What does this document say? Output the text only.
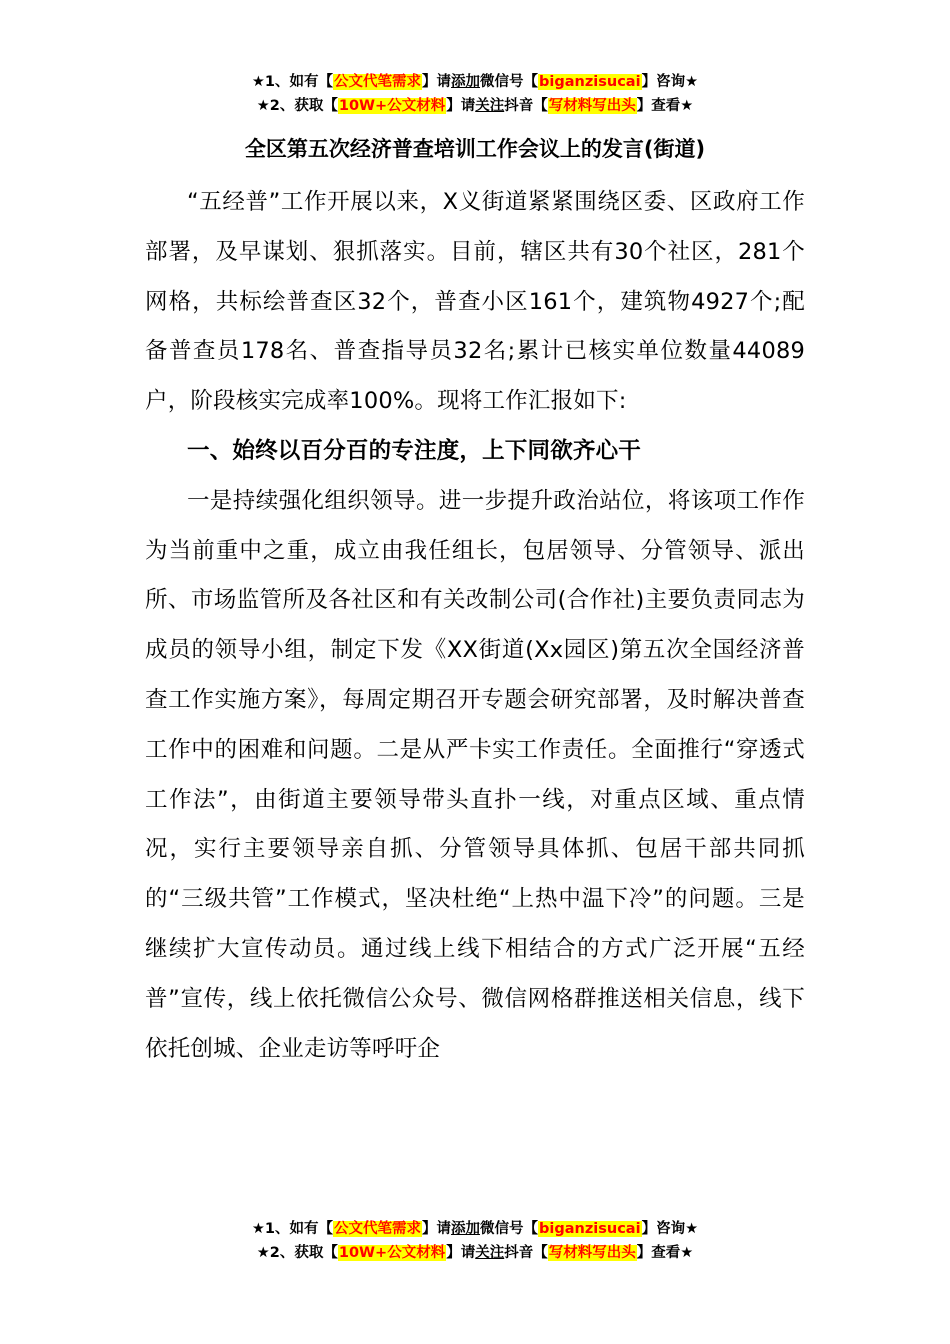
★1、如有【公文代笔需求】请添加微信号【biganzisucai】咨询★
★2、获取【10W+公文材料】请关注抖音【写材料写出头】查看★
全区第五次经济普查培训工作会议上的发言(街道)

“五经普”工作开展以来，X义街道紧紧围绕区委、区政府工作部署，及早谋划、狠抓落实。目前，辖区共有30个社区，281个网格，共标绘普查区32个，普查小区161个，建筑物4927个;配备普查员178名、普查指导员32名;累计已核实单位数量44089户，阶段核实完成率100%。现将工作汇报如下:

一、始终以百分百的专注度，上下同欲齐心干

一是持续强化组织领导。进一步提升政治站位，将该项工作作为当前重中之重，成立由我任组长，包居领导、分管领导、派出所、市场监管所及各社区和有关改制公司(合作社)主要负责同志为成员的领导小组，制定下发《XX街道(Xx园区)第五次全国经济普查工作实施方案》，每周定期召开专题会研究部署，及时解决普查工作中的困难和问题。二是从严卡实工作责任。全面推行“穿透式工作法”，由街道主要领导带头直扑一线，对重点区域、重点情况，实行主要领导亲自抓、分管领导具体抓、包居干部共同抓的“三级共管”工作模式，坚决杜绝“上热中温下冷”的问题。三是继续扩大宣传动员。通过线上线下相结合的方式广泛开展“五经普”宣传，线上依托微信公众号、微信网格群推送相关信息，线下依托创城、企业走访等呼吁企

★1、如有【公文代笔需求】请添加微信号【biganzisucai】咨询★
★2、获取【10W+公文材料】请关注抖音【写材料写出头】查看★
